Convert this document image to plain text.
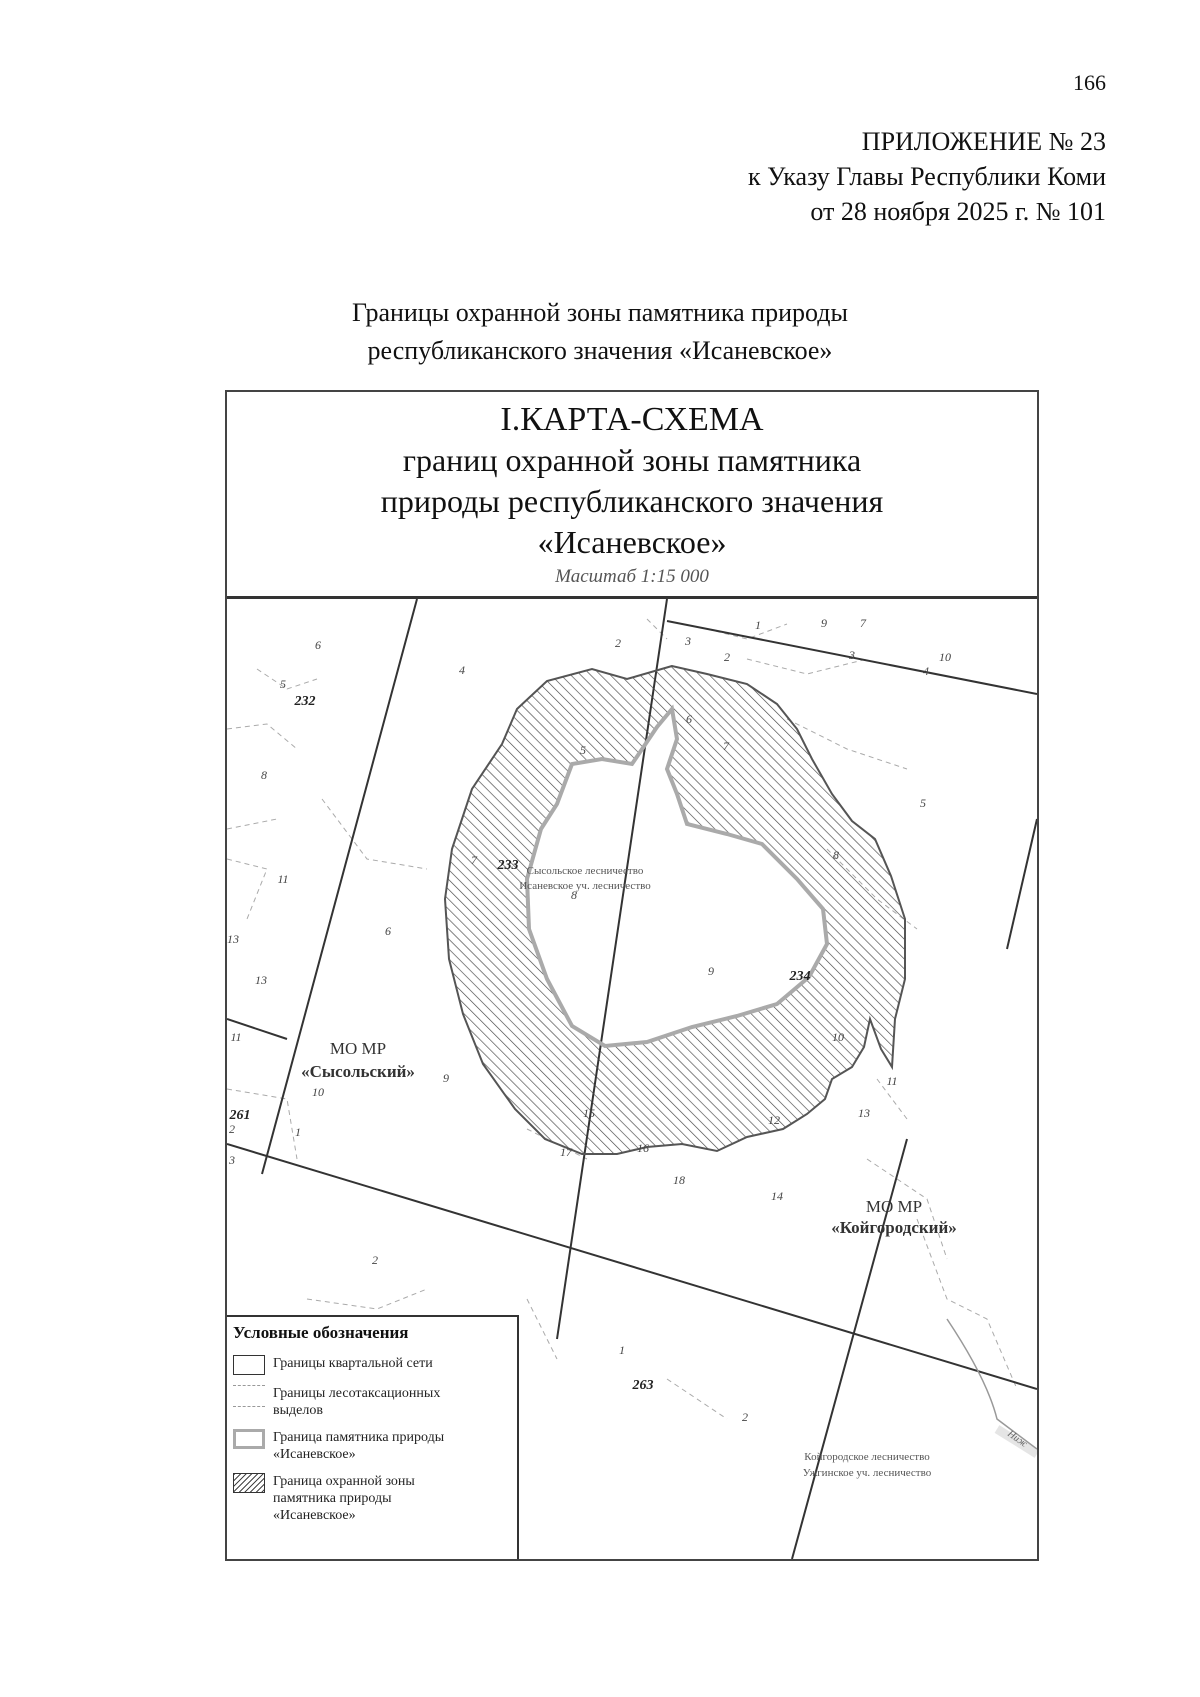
166
ПРИЛОЖЕНИЕ № 23
к Указу Главы Республики Коми
от 28 ноября 2025 г. № 101
Границы охранной зоны памятника природы
республиканского значения «Исаневское»
I.КАРТА-СХЕМА
границ охранной зоны памятника
природы республиканского значения
«Исаневское»
Масштаб 1:15 000
Сысольское лесничество
Исаневское уч. лесничество
Койгородское лесничество
Ужгинское уч. лесничество
МО МР
«Сысольский»
МО МР
«Койгородский»
232
233
234
261
263
6
5
4
2	3
2
1	9	7
3	10
4
8
6
5	7
5
11
7
8
8
6
13
13
9
11	10
9
10
11
2	1
15
16
17
12	13
18
14
2
1
2
3
Ниж
Условные обозначения
Границы квартальной сети
Границы лесотаксационных
выделов
Граница памятника природы
«Исаневское»
Граница охранной зоны
памятника природы
«Исаневское»
